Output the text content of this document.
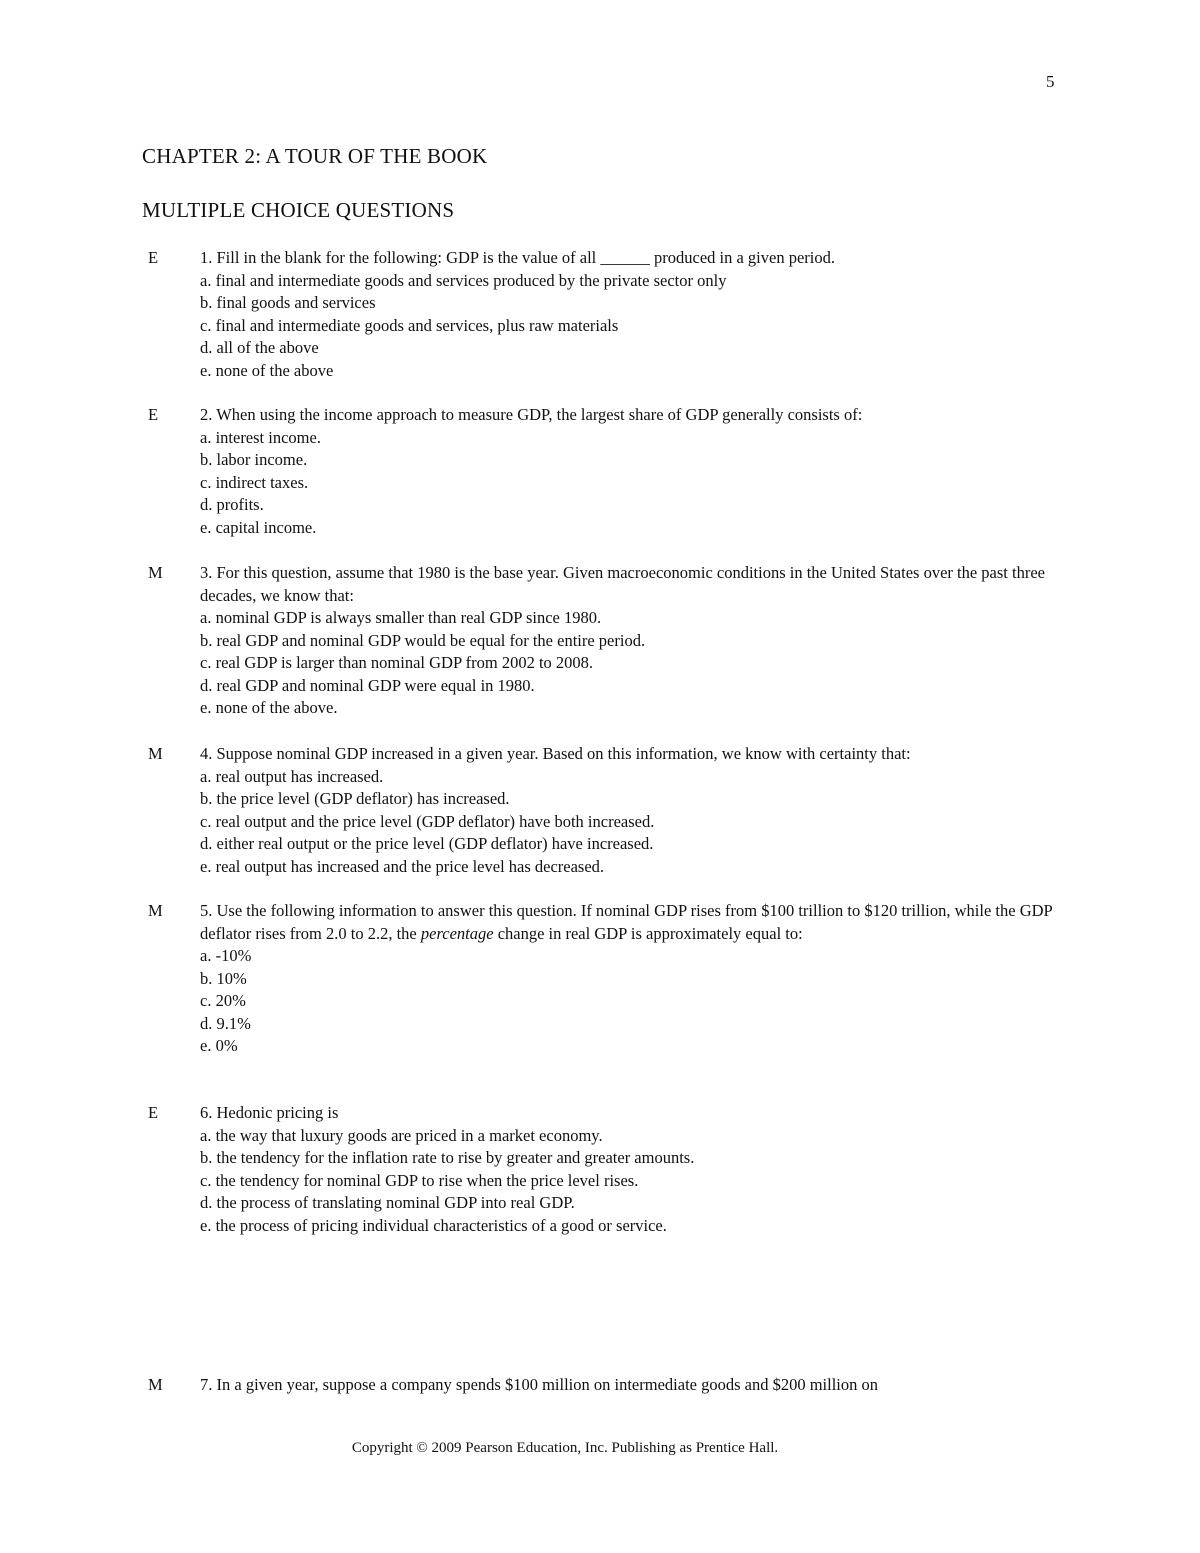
5
CHAPTER 2: A TOUR OF THE BOOK
MULTIPLE CHOICE QUESTIONS
E	1. Fill in the blank for the following: GDP is the value of all ______ produced in a given period.
a. final and intermediate goods and services produced by the private sector only
b. final goods and services
c. final and intermediate goods and services, plus raw materials
d. all of the above
e. none of the above
E	2. When using the income approach to measure GDP, the largest share of GDP generally consists of:
a. interest income.
b. labor income.
c. indirect taxes.
d. profits.
e. capital income.
M 3. For this question, assume that 1980 is the base year. Given macroeconomic conditions in the United States over the past three decades, we know that:
a. nominal GDP is always smaller than real GDP since 1980.
b. real GDP and nominal GDP would be equal for the entire period.
c. real GDP is larger than nominal GDP from 2002 to 2008.
d. real GDP and nominal GDP were equal in 1980.
e. none of the above.
M 4. Suppose nominal GDP increased in a given year. Based on this information, we know with certainty that:
a. real output has increased.
b. the price level (GDP deflator) has increased.
c. real output and the price level (GDP deflator) have both increased.
d. either real output or the price level (GDP deflator) have increased.
e. real output has increased and the price level has decreased.
M 5. Use the following information to answer this question. If nominal GDP rises from $100 trillion to $120 trillion, while the GDP deflator rises from 2.0 to 2.2, the percentage change in real GDP is approximately equal to:
a. -10%
b. 10%
c. 20%
d. 9.1%
e. 0%
E	6. Hedonic pricing is
a. the way that luxury goods are priced in a market economy.
b. the tendency for the inflation rate to rise by greater and greater amounts.
c. the tendency for nominal GDP to rise when the price level rises.
d. the process of translating nominal GDP into real GDP.
e. the process of pricing individual characteristics of a good or service.
M 7. In a given year, suppose a company spends $100 million on intermediate goods and $200 million on
Copyright © 2009 Pearson Education, Inc. Publishing as Prentice Hall.
